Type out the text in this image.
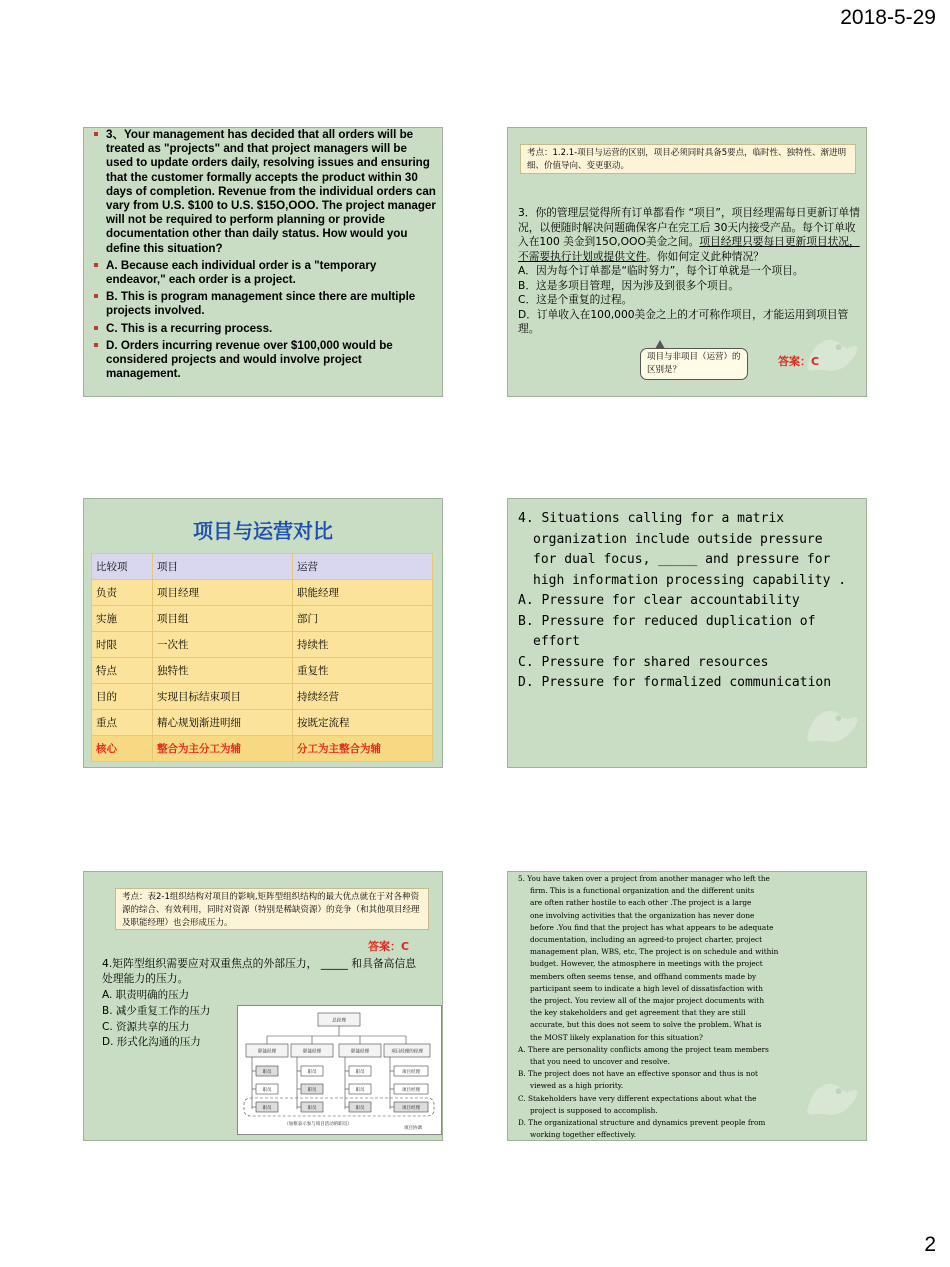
2018-5-29
3、Your management has decided that all orders will be treated as "projects" and that project managers will be used to update orders daily, resolving issues and ensuring that the customer formally accepts the product within 30 days of completion. Revenue from the individual orders can vary from U.S. $100 to U.S. $15O,OOO. The project manager will not be required to perform planning or provide documentation other than daily status. How would you define this situation?
A. Because each individual order is a "temporary endeavor," each order is a project.
B. This is program management since there are multiple projects involved.
C. This is a recurring process.
D. Orders incurring revenue over $100,000 would be considered projects and would involve project management.
考点：1.2.1-项目与运营的区别，项目必须同时具备5要点，临时性、独特性、渐进明细、价值导向、变更驱动。

3．你的管理层觉得所有订单都看作 “项目”，项目经理需每日更新订单情况，以便随时解决问题确保客户在完工后 30天内接受产品。每个订单收入在100 美金到15O,OOO美金之间。项目经理只要每日更新项目状况，不需要执行计划或提供文件。你如何定义此种情况？

A．因为每个订单都是“临时努力”，每个订单就是一个项目。

B．这是多项目管理，因为涉及到很多个项目。

C．这是个重复的过程。

D．订单收入在100,000美金之上的才可称作项目，才能运用到项目管理。

项目与非项目（运营）的区别是？
答案：C
项目与运营对比
比较项	项目	运营
负责	项目经理	职能经理
实施	项目组	部门
时限	一次性	持续性
特点	独特性	重复性
目的	实现目标结束项目	持续经营
重点	精心规划渐进明细	按既定流程
核心	整合为主分工为辅	分工为主整合为辅

4. Situations calling for a matrix

organization include outside pressure

for dual focus, _____ and pressure for

high information processing capability .

A. Pressure for clear accountability

B. Pressure for reduced duplication of

effort

C. Pressure for shared resources

D. Pressure for formalized communication

考点：表2-1组织结构对项目的影响,矩阵型组织结构的最大优点就在于对各种资源的综合、有效利用，同时对资源（特别是稀缺资源）的竞争（和其他项目经理及职能经理）也会形成压力。
答案：C

4.矩阵型组织需要应对双重焦点的外部压力， _____ 和具备高信息处理能力的压力。

A. 职责明确的压力

B. 减少重复工作的压力

C. 资源共享的压力

D. 形式化沟通的压力

总经理
职能经理	职能经理	职能经理	项目经理的经理
职员
职员
职员
职员
职员
职员
职员
职员
职员
项目经理
项目经理
项目经理
（加框表示参与项目活动的职员）
项目协调

5. You have taken over a project from another manager who left the

firm. This is a functional organization and the different units

are often rather hostile to each other .The project is a large

one involving activities that the organization has never done

before .You find that the project has what appears to be adequate

documentation, including an agreed-to project charter, project

management plan, WBS, etc, The project is on schedule and within

budget. However, the atmosphere in meetings with the project

members often seems tense, and offhand comments made by

participant seem to indicate a high level of dissatisfaction with

the project. You review all of the major project documents with

the key stakeholders and get agreement that they are still

accurate, but this does not seem to solve the problem. What is

the MOST likely explanation for this situation?

A. There are personality conflicts among the project team members

that you need to uncover and resolve.

B. The project does not have an effective sponsor and thus is not

viewed as a high priority.

C. Stakeholders have very different expectations about what the

project is supposed to accomplish.

D. The organizational structure and dynamics prevent people from

working together effectively.

2
